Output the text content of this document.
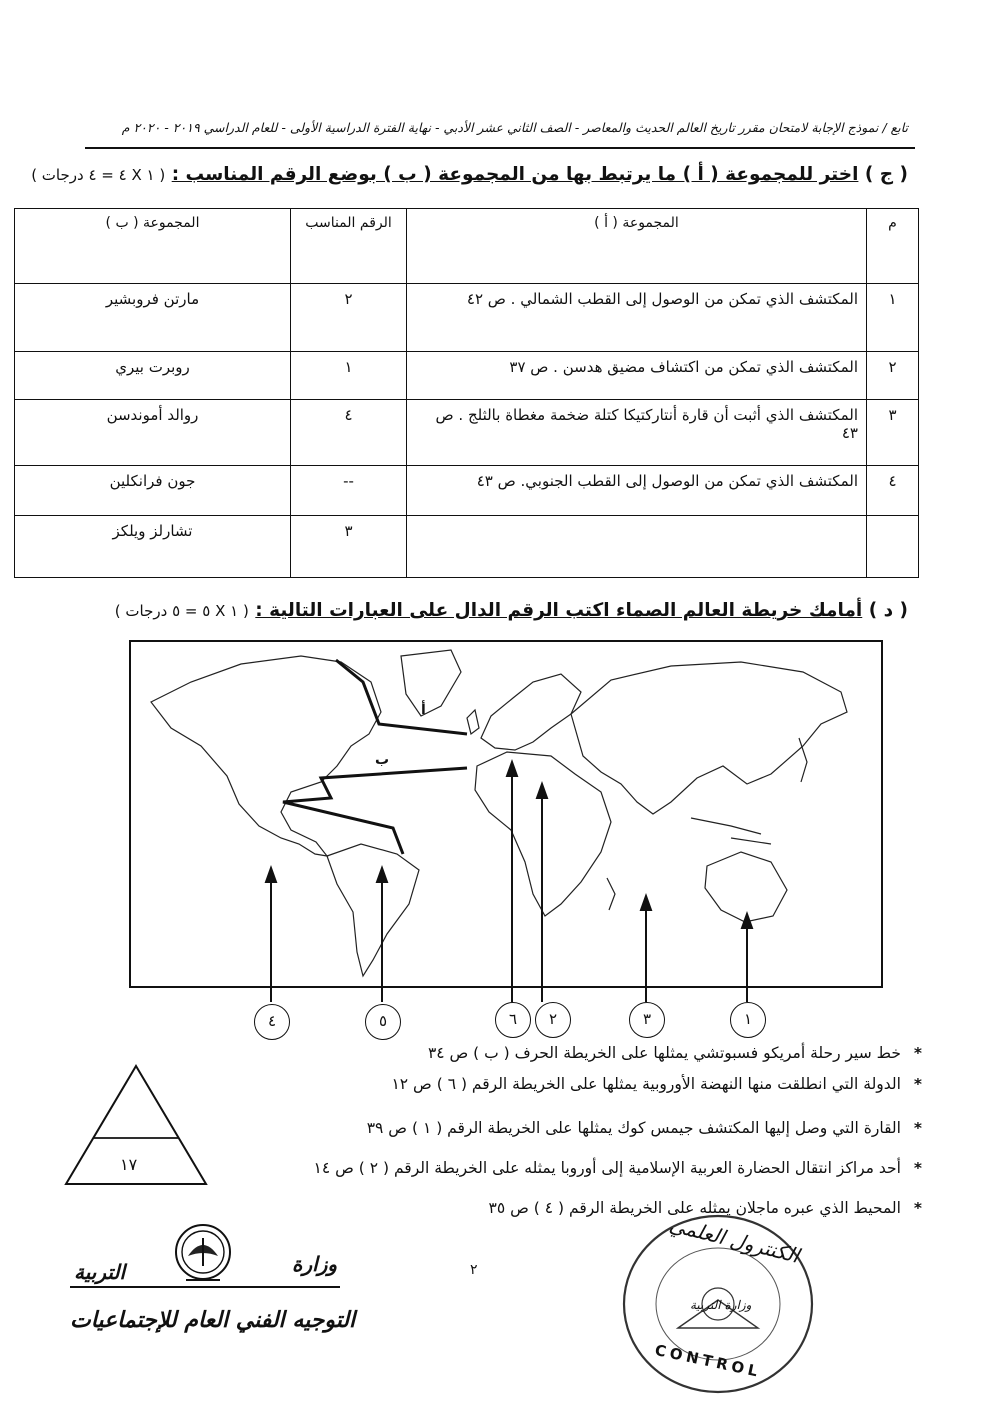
تابع / نموذج الإجابة لامتحان مقرر تاريخ العالم الحديث والمعاصر - الصف الثاني عشر الأدبي - نهاية الفترة الدراسية الأولى - للعام الدراسي ٢٠١٩ - ٢٠٢٠ م
( ج ) اختر للمجموعة ( أ ) ما يرتبط بها من المجموعة ( ب ) بوضع الرقم المناسب : ( ١ X ٤ = ٤ درجات )
م	المجموعة ( أ )	الرقم المناسب	المجموعة ( ب )
١	المكتشف الذي تمكن من الوصول إلى القطب الشمالي . ص ٤٢	٢	مارتن فروبشير
٢	المكتشف الذي تمكن من اكتشاف مضيق هدسن . ص ٣٧	١	روبرت بيري
٣	المكتشف الذي أثبت أن قارة أنتاركتيكا كتلة ضخمة مغطاة بالثلج . ص ٤٣	٤	روالد أموندسن
٤	المكتشف الذي تمكن من الوصول إلى القطب الجنوبي. ص ٤٣	--	جون فرانكلين
		٣	تشارلز ويلكز
( د ) أمامك خريطة العالم الصماء اكتب الرقم الدال على العبارات التالية : ( ١ X ٥ = ٥ درجات )
أ
ب
٤	٥	٦	٢	٣	١
* خط سير رحلة أمريكو فسبوتشي يمثلها على الخريطة الحرف ( ب ) ص ٣٤
* الدولة التي انطلقت منها النهضة الأوروبية يمثلها على الخريطة الرقم ( ٦ ) ص ١٢
* القارة التي وصل إليها المكتشف جيمس كوك يمثلها على الخريطة الرقم ( ١ ) ص ٣٩
* أحد مراكز انتقال الحضارة العربية الإسلامية إلى أوروبا يمثله على الخريطة الرقم ( ٢ ) ص ١٤
* المحيط الذي عبره ماجلان يمثله على الخريطة الرقم ( ٤ ) ص ٣٥
١٧
٢
وزارة
التربية
التوجيه الفني العام للإجتماعيات
الكنترول العلمي
وزارة التربية
CONTROL
